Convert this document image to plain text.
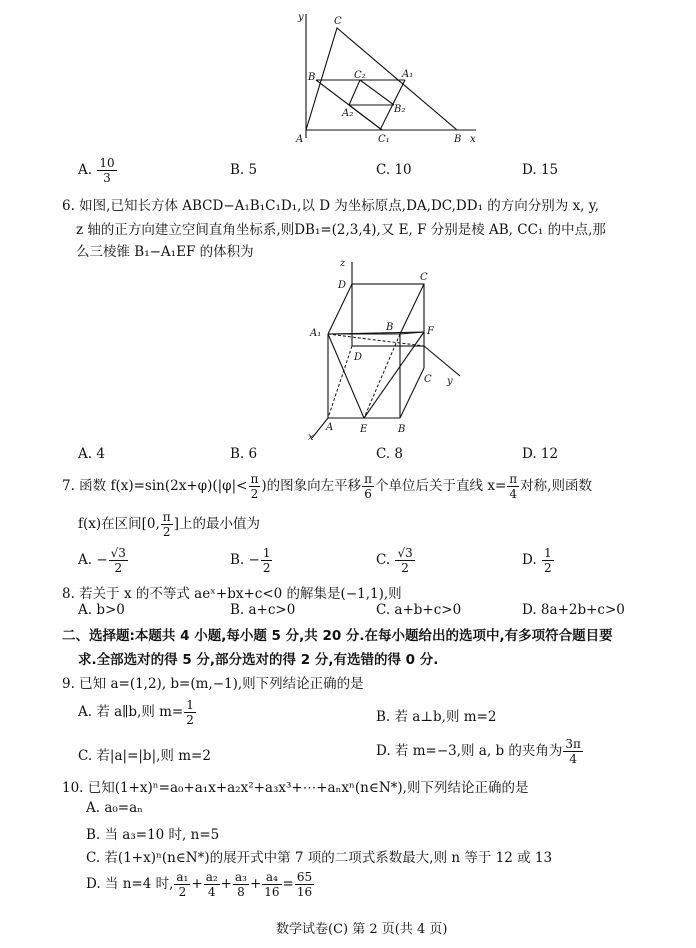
y
x
C
B	C₂	A₁
A₂	B₂
C₁
A	B
A. $\frac{10}{3}$	B. 5	C. 10	D. 15
6. 如图,已知长方体 ABCD−A₁B₁C₁D₁,以 D 为坐标原点,DA,DC,DD₁ 的方向分别为 x, y,
z 轴的正方向建立空间直角坐标系,则DB₁=(2,3,4),又 E, F 分别是棱 AB, CC₁ 的中点,那
么三棱锥 B₁−A₁EF 的体积为
z
D
C
A₁
B	F
D
C y
x
A	E	B
A. 4	B. 6	C. 8	D. 12
7. 函数 $f(x)=\sin(2x+\varphi)(|\varphi|< \frac{\pi}{2}$ )的图象向左平移 $\frac{\pi}{6}$ 个单位后关于直线 $x= \frac{\pi}{4}$ 对称,则函数
f(x)在区间[0, $\frac{\pi}{2}$ ]上的最小值为
A. − $\frac{√3}{2}$	B. − $\frac{1}{2}$	C. $\frac{√3}{2}$	D. $\frac{1}{2}$
8. 若关于 x 的不等式 aeˣ+bx+c<0 的解集是(−1,1),则
A. b>0	B. a+c>0	C. a+b+c>0	D. 8a+2b+c>0
二、选择题:本题共 4 小题,每小题 5 分,共 20 分.在每小题给出的选项中,有多项符合题目要
求.全部选对的得 5 分,部分选对的得 2 分,有选错的得 0 分.
9. 已知 a=(1,2), b=(m,−1),则下列结论正确的是
A. 若 a∥b,则 $m= \frac{1}{2}$	B. 若 a⊥b,则 m=2
C. 若|a|=|b|,则 m=2	D. 若 m=−3,则 a, b 的夹角为 $\frac{3\pi}{4}$
10. 已知(1+x)ⁿ=a₀+a₁x+a₂x²+a₃x³+⋯+aₙxⁿ(n∈N*),则下列结论正确的是
A. a₀=aₙ
B. 当 a₃=10 时, n=5
C. 若(1+x)ⁿ(n∈N*)的展开式中第 7 项的二项式系数最大,则 n 等于 12 或 13
D. 当 n=4 时, $\frac{\text{a₁}}{2} + \frac{\text{a₂}}{4} + \frac{\text{a₃}}{8} + \frac{\text{a₄}}{16} = \frac{65}{16}$
数学试卷(C) 第 2 页(共 4 页)
